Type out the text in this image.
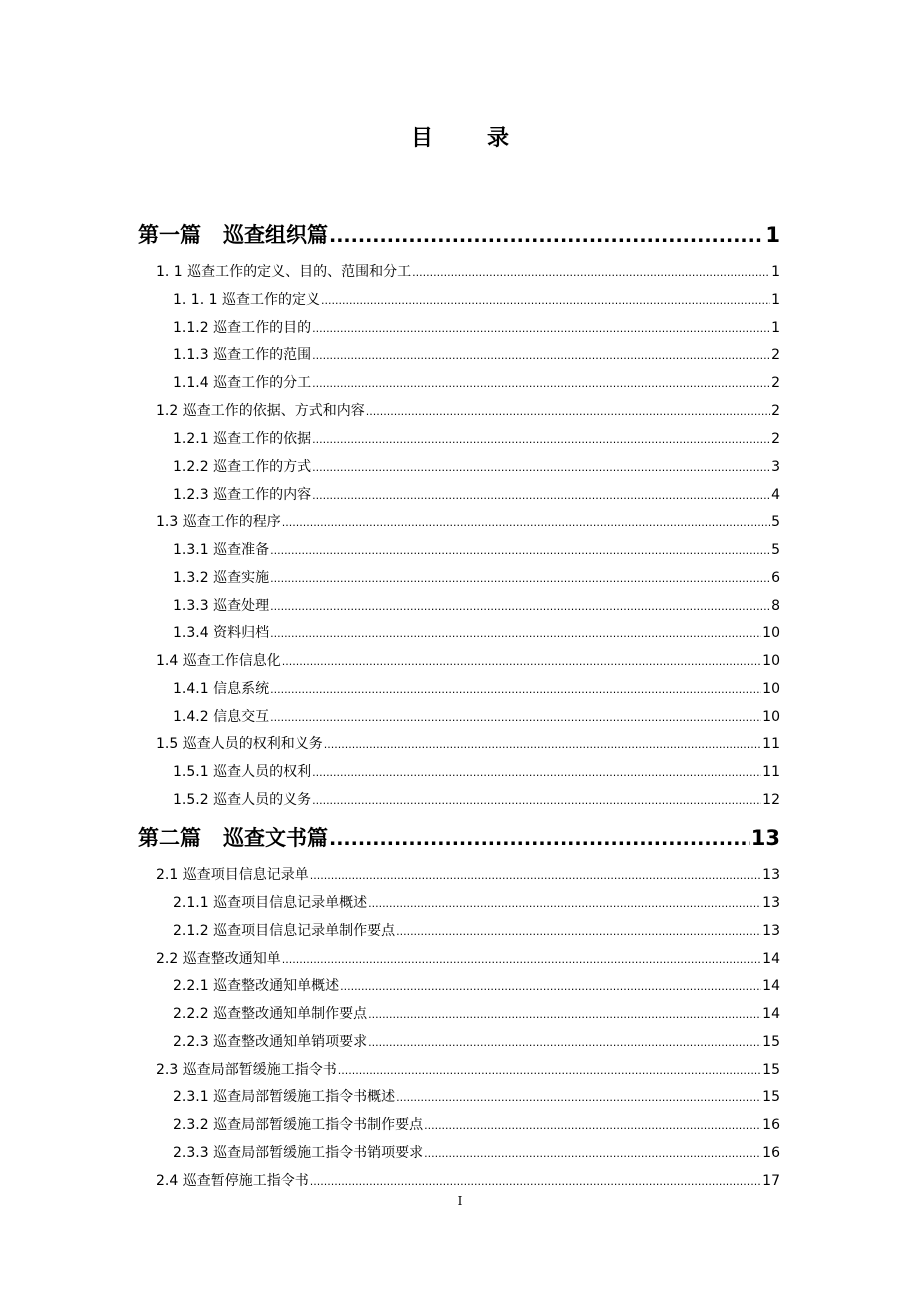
目 录
第一篇 巡查组织篇 .....	1
1. 1 巡查工作的定义、目的、范围和分工 .....	1
1. 1. 1 巡查工作的定义 .....	1
1.1.2 巡查工作的目的 .....	1
1.1.3 巡查工作的范围 .....	2
1.1.4 巡查工作的分工 .....	2
1.2 巡查工作的依据、方式和内容 .....	2
1.2.1 巡查工作的依据 .....	2
1.2.2 巡查工作的方式 .....	3
1.2.3 巡查工作的内容 .....	4
1.3 巡查工作的程序 .....	5
1.3.1 巡查准备 .....	5
1.3.2 巡查实施 .....	6
1.3.3 巡查处理 .....	8
1.3.4 资料归档 .....	10
1.4 巡查工作信息化 .....	10
1.4.1 信息系统 .....	10
1.4.2 信息交互 .....	10
1.5 巡查人员的权利和义务 .....	11
1.5.1 巡查人员的权利 .....	11
1.5.2 巡查人员的义务 .....	12
第二篇 巡查文书篇 .....	13
2.1 巡查项目信息记录单 .....	13
2.1.1 巡查项目信息记录单概述 .....	13
2.1.2 巡查项目信息记录单制作要点 .....	13
2.2 巡查整改通知单 .....	14
2.2.1 巡查整改通知单概述 .....	14
2.2.2 巡查整改通知单制作要点 .....	14
2.2.3 巡查整改通知单销项要求 .....	15
2.3 巡查局部暂缓施工指令书 .....	15
2.3.1 巡查局部暂缓施工指令书概述 .....	15
2.3.2 巡查局部暂缓施工指令书制作要点 .....	16
2.3.3 巡查局部暂缓施工指令书销项要求 .....	16
2.4 巡查暂停施工指令书 .....	17
I
